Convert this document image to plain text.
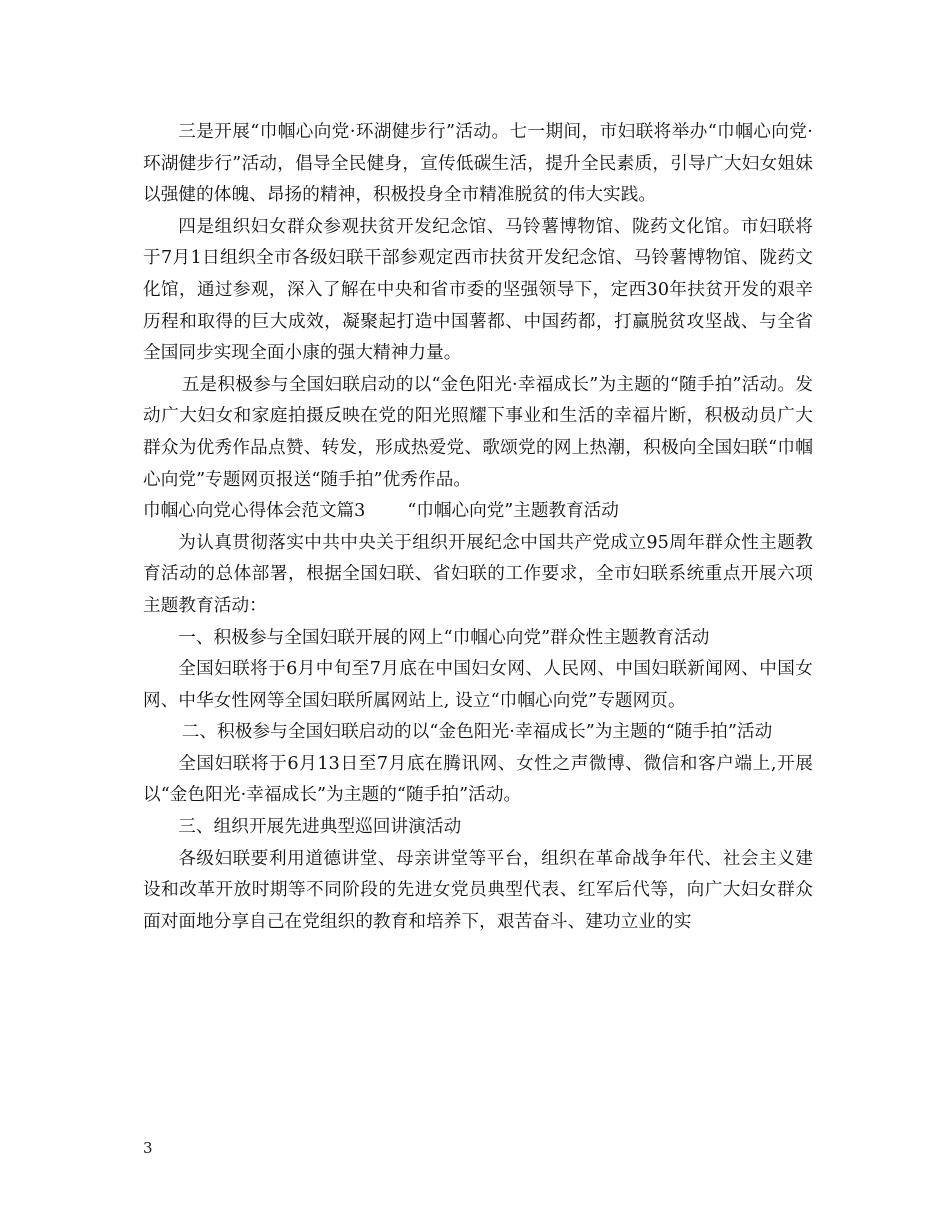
三是开展“巾帼心向党·环湖健步行”活动。七一期间，市妇联将举办“巾帼心向党·环湖健步行”活动，倡导全民健身，宣传低碳生活，提升全民素质，引导广大妇女姐妹以强健的体魄、昂扬的精神，积极投身全市精准脱贫的伟大实践。

四是组织妇女群众参观扶贫开发纪念馆、马铃薯博物馆、陇药文化馆。市妇联将于7月1日组织全市各级妇联干部参观定西市扶贫开发纪念馆、马铃薯博物馆、陇药文化馆，通过参观，深入了解在中央和省市委的坚强领导下，定西30年扶贫开发的艰辛历程和取得的巨大成效，凝聚起打造中国薯都、中国药都，打赢脱贫攻坚战、与全省全国同步实现全面小康的强大精神力量。

五是积极参与全国妇联启动的以“金色阳光·幸福成长”为主题的“随手拍”活动。发动广大妇女和家庭拍摄反映在党的阳光照耀下事业和生活的幸福片断，积极动员广大群众为优秀作品点赞、转发，形成热爱党、歌颂党的网上热潮，积极向全国妇联“巾帼心向党”专题网页报送“随手拍”优秀作品。

巾帼心向党心得体会范文篇3 “巾帼心向党”主题教育活动

为认真贯彻落实中共中央关于组织开展纪念中国共产党成立95周年群众性主题教育活动的总体部署，根据全国妇联、省妇联的工作要求，全市妇联系统重点开展六项主题教育活动：

一、积极参与全国妇联开展的网上“巾帼心向党”群众性主题教育活动

全国妇联将于6月中旬至7月底在中国妇女网、人民网、中国妇联新闻网、中国女网、中华女性网等全国妇联所属网站上, 设立“巾帼心向党”专题网页。

二、积极参与全国妇联启动的以“金色阳光·幸福成长”为主题的“随手拍”活动

全国妇联将于6月13日至7月底在腾讯网、女性之声微博、微信和客户端上,开展以“金色阳光·幸福成长”为主题的“随手拍”活动。

三、组织开展先进典型巡回讲演活动

各级妇联要利用道德讲堂、母亲讲堂等平台，组织在革命战争年代、社会主义建设和改革开放时期等不同阶段的先进女党员典型代表、红军后代等，向广大妇女群众面对面地分享自己在党组织的教育和培养下，艰苦奋斗、建功立业的实

3
